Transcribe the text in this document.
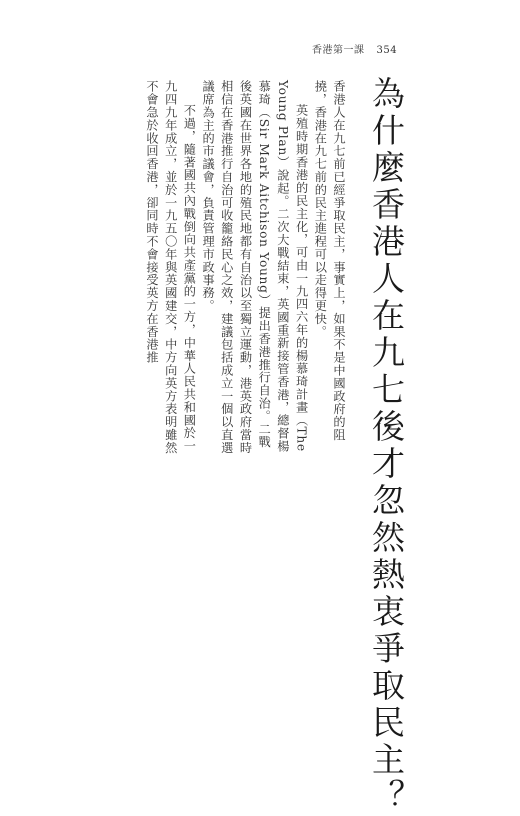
香港第一課 354
為什麼香港人在九七後才忽然熱衷爭取民主？

香港人在九七前已經爭取民主，事實上，如果不是中國政府的阻撓，香港在九七前的民主進程可以走得更快。

英殖時期香港的民主化，可由一九四六年的楊慕琦計畫（The Young Plan）說起。二次大戰結束，英國重新接管香港，總督楊慕琦（Sir Mark Aitchison Young）提出香港推行自治。二戰後英國在世界各地的殖民地都有自治以至獨立運動，港英政府當時相信在香港推行自治可收籠絡民心之效，建議包括成立一個以直選議席為主的市議會，負責管理市政事務。

不過，隨著國共內戰倒向共產黨的一方，中華人民共和國於一九四九年成立，並於一九五〇年與英國建交，中方向英方表明雖然不會急於收回香港，卻同時不會接受英方在香港推
